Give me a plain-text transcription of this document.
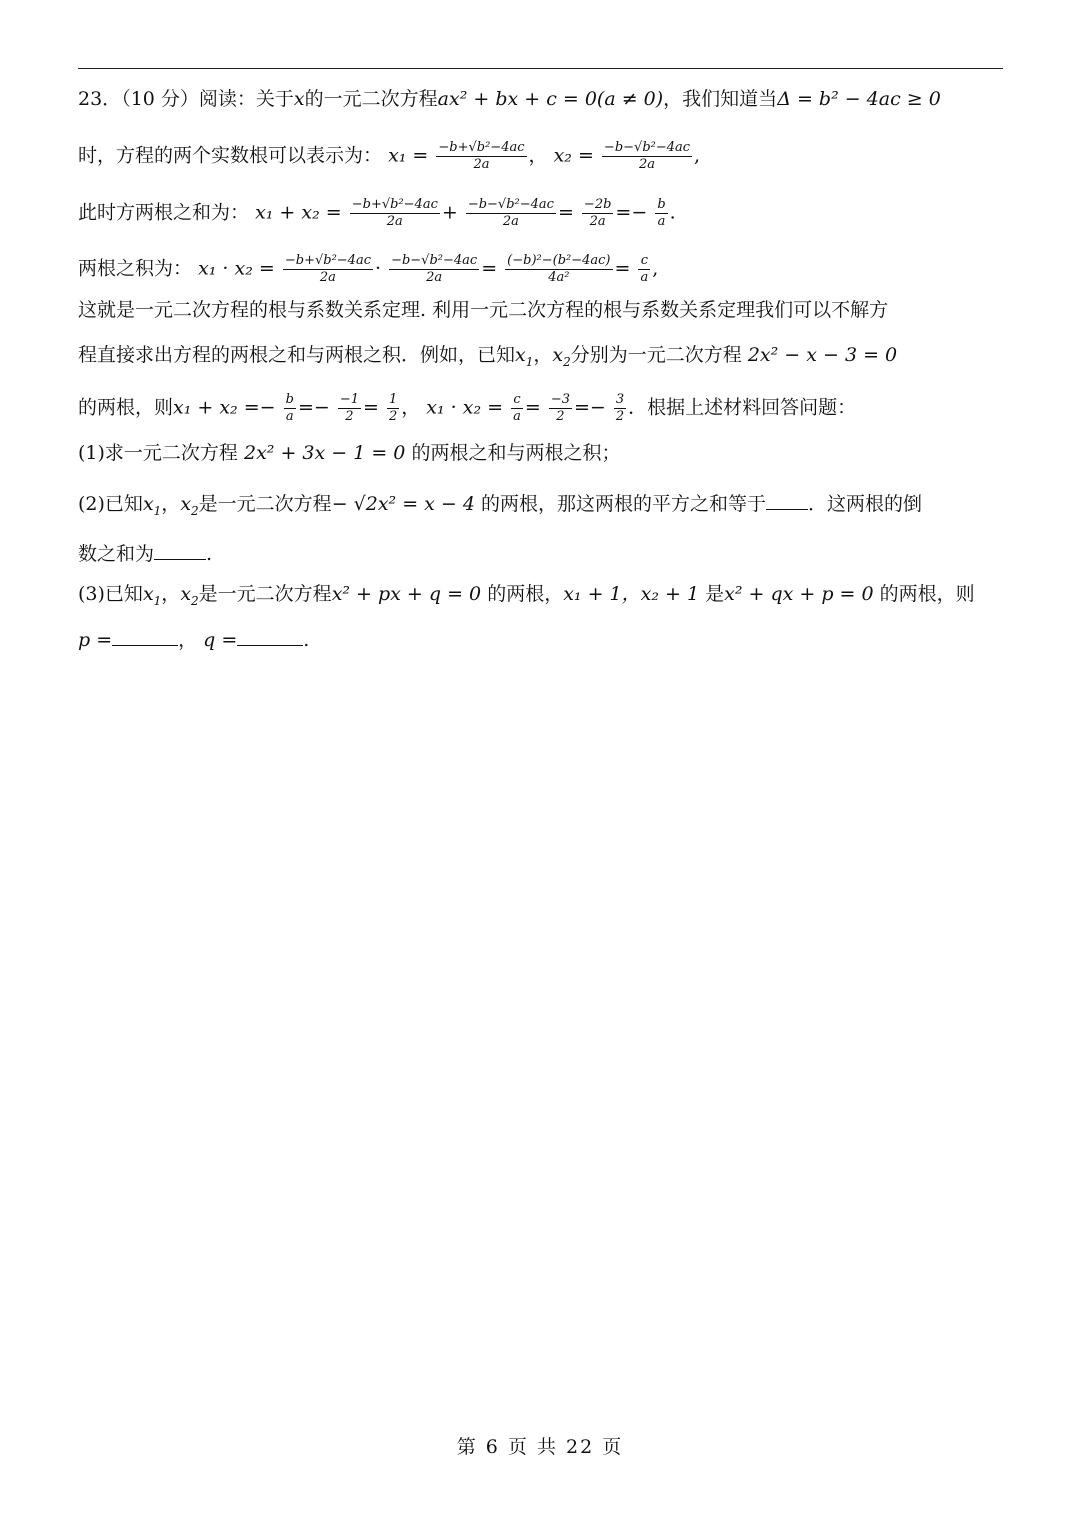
23．（10 分）阅读：关于x的一元二次方程ax² + bx + c = 0(a ≠ 0)，我们知道当Δ = b² − 4ac ≥ 0
时，方程的两个实数根可以表示为： $x_1 = \frac{\text{−b+√b²−4ac}}{2a}$ ， $x_2 = \frac{\text{−b−√b²−4ac}}{2a}$ ,
此时方两根之和为： $x_1 + x_2 = \frac{\text{−b+√b²−4ac}}{2a} + \frac{\text{−b−√b²−4ac}}{2a} = \frac{-2b}{2a} =- \frac{b}{a}$ .
两根之积为： $x_1 \cdot x_2 = \frac{\text{−b+√b²−4ac}}{2a} \cdot \frac{\text{−b−√b²−4ac}}{2a} = \frac{\text{(−b)²−(b²−4ac)}}{\text{4a²}} = \frac{c}{a}$ ,
这就是一元二次方程的根与系数关系定理. 利用一元二次方程的根与系数关系定理我们可以不解方
程直接求出方程的两根之和与两根之积．例如，已知$x_1$，$x_2$分别为一元二次方程 2x² − x − 3 = 0
的两根，则$x_1 + x_2 =- \frac{b}{a} =- \frac{-1}{2} = \frac{1}{2}$ ， $x_1 \cdot x_2 = \frac{c}{a} = \frac{-3}{2} =- \frac{3}{2}$ ．根据上述材料回答问题：
(1)求一元二次方程 2x² + 3x − 1 = 0 的两根之和与两根之积；
(2)已知$x_1$，$x_2$是一元二次方程− √2x² = x − 4 的两根，那这两根的平方之和等于 ．这两根的倒
数之和为	.
(3)已知$x_1$，$x_2$是一元二次方程x² + px + q = 0 的两根，x₁ + 1，x₂ + 1 是x² + qx + p = 0 的两根，则
p =	， q =	.
第 6 页 共 22 页
